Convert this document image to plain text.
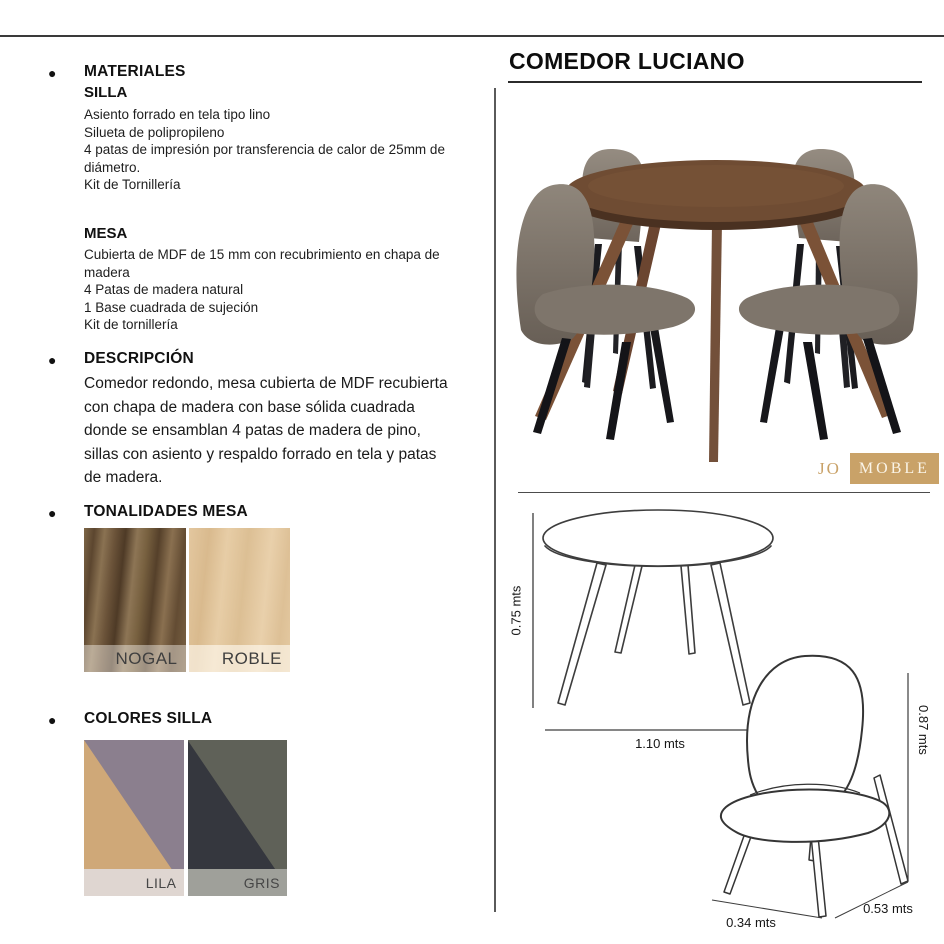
● MATERIALES
SILLA
Asiento forrado en tela tipo lino
Silueta de polipropileno
4 patas de impresión por transferencia de calor de 25mm de diámetro.
Kit de Tornillería
MESA
Cubierta de MDF de 15 mm con recubrimiento en chapa de madera
4 Patas de madera natural
1 Base cuadrada de sujeción
Kit de tornillería
● DESCRIPCIÓN
Comedor redondo, mesa cubierta de MDF recubierta con chapa de madera con base sólida cuadrada donde se ensamblan 4 patas de madera de pino, sillas con asiento y respaldo forrado en tela y patas de madera.
● TONALIDADES MESA
NOGAL	ROBLE
● COLORES SILLA
LILA	GRIS
COMEDOR LUCIANO
JO	MOBLE
0.75 mts
1.10 mts	0.87 mts
0.34 mts
0.53 mts
